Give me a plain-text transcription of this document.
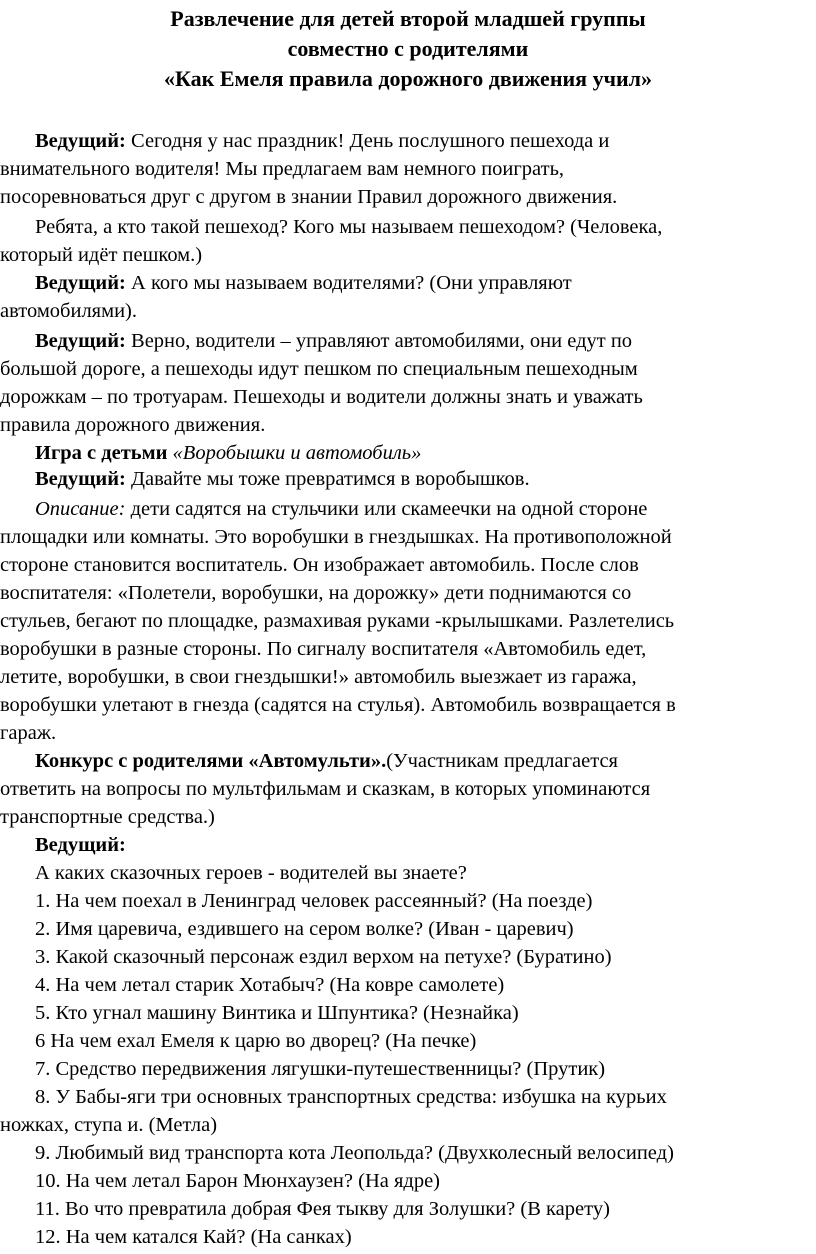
Развлечение для детей второй младшей группы

совместно с родителями

«Как Емеля правила дорожного движения учил»

Ведущий: Сегодня у нас праздник! День послушного пешехода и

внимательного водителя! Мы предлагаем вам немного поиграть,

посоревноваться друг с другом в знании Правил дорожного движения.

Ребята, а кто такой пешеход? Кого мы называем пешеходом? (Человека,

который идёт пешком.)

Ведущий: А кого мы называем водителями? (Они управляют

автомобилями).

Ведущий: Верно, водители – управляют автомобилями, они едут по

большой дороге, а пешеходы идут пешком по специальным пешеходным

дорожкам – по тротуарам. Пешеходы и водители должны знать и уважать

правила дорожного движения.

Игра с детьми «Воробышки и автомобиль»

Ведущий: Давайте мы тоже превратимся в воробышков.

Описание: дети садятся на стульчики или скамеечки на одной стороне

площадки или комнаты. Это воробушки в гнездышках. На противоположной

стороне становится воспитатель. Он изображает автомобиль. После слов

воспитателя: «Полетели, воробушки, на дорожку» дети поднимаются со

стульев, бегают по площадке, размахивая руками -крылышками. Разлетелись

воробушки в разные стороны. По сигналу воспитателя «Автомобиль едет,

летите, воробушки, в свои гнездышки!» автомобиль выезжает из гаража,

воробушки улетают в гнезда (садятся на стулья). Автомобиль возвращается в

гараж.

Конкурс с родителями «Автомульти».(Участникам предлагается

ответить на вопросы по мультфильмам и сказкам, в которых упоминаются

транспортные средства.)

Ведущий:

А каких сказочных героев - водителей вы знаете?

1. На чем поехал в Ленинград человек рассеянный? (На поезде)

2. Имя царевича, ездившего на сером волке? (Иван - царевич)

3. Какой сказочный персонаж ездил верхом на петухе? (Буратино)

4. На чем летал старик Хотабыч? (На ковре самолете)

5. Кто угнал машину Винтика и Шпунтика? (Незнайка)

6 На чем ехал Емеля к царю во дворец? (На печке)

7. Средство передвижения лягушки-путешественницы? (Прутик)

8. У Бабы-яги три основных транспортных средства: избушка на курьих

ножках, ступа и. (Метла)

9. Любимый вид транспорта кота Леопольда? (Двухколесный велосипед)

10. На чем летал Барон Мюнхаузен? (На ядре)

11. Во что превратила добрая Фея тыкву для Золушки? (В карету)

12. На чем катался Кай? (На санках)
